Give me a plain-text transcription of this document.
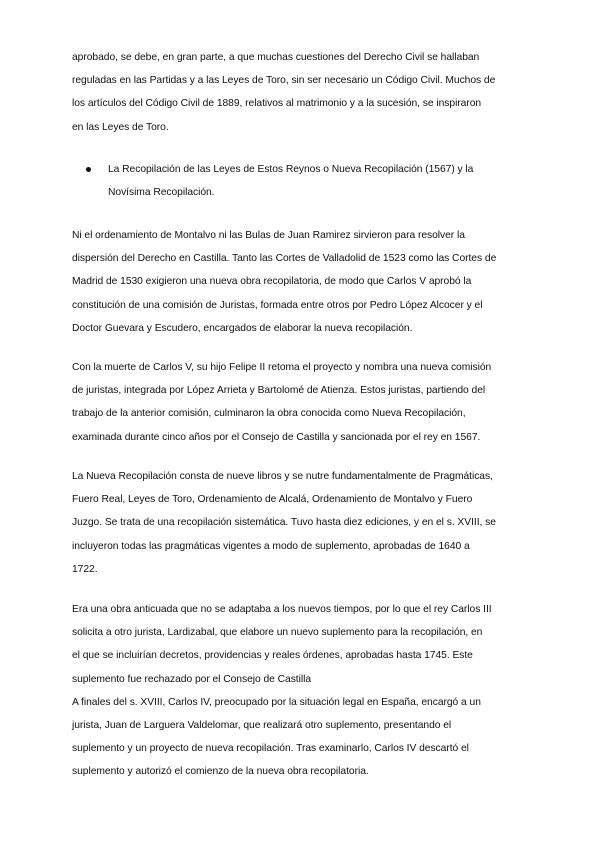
aprobado, se debe, en gran parte, a que muchas cuestiones del Derecho Civil se hallaban
reguladas en las Partidas y a las Leyes de Toro, sin ser necesario un Código Civil. Muchos de
los artículos del Código Civil de 1889, relativos al matrimonio y a la sucesión, se inspiraron
en las Leyes de Toro.
La Recopilación de las Leyes de Estos Reynos o Nueva Recopilación (1567) y la
Novísima Recopilación.
Ni el ordenamiento de Montalvo ni las Bulas de Juan Ramirez sirvieron para resolver la
dispersión del Derecho en Castilla. Tanto las Cortes de Valladolid de 1523 como las Cortes de
Madrid de 1530 exigieron una nueva obra recopilatoria, de modo que Carlos V aprobó la
constitución de una comisión de Juristas, formada entre otros por Pedro López Alcocer y el
Doctor Guevara y Escudero, encargados de elaborar la nueva recopilación.
Con la muerte de Carlos V, su hijo Felipe II retoma el proyecto y nombra una nueva comisión
de juristas, integrada por López Arrieta y Bartolomé de Atienza. Estos juristas, partiendo del
trabajo de la anterior comisión, culminaron la obra conocida como Nueva Recopilación,
examinada durante cinco años por el Consejo de Castilla y sancionada por el rey en 1567.
La Nueva Recopilación consta de nueve libros y se nutre fundamentalmente de Pragmáticas,
Fuero Real, Leyes de Toro, Ordenamiento de Alcalá, Ordenamiento de Montalvo y Fuero
Juzgo. Se trata de una recopilación sistemática. Tuvo hasta diez ediciones, y en el s. XVIII, se
incluyeron todas las pragmáticas vigentes a modo de suplemento, aprobadas de 1640 a
1722.
Era una obra anticuada que no se adaptaba a los nuevos tiempos, por lo que el rey Carlos III
solicita a otro jurista, Lardizabal, que elabore un nuevo suplemento para la recopilación, en
el que se incluirían decretos, providencias y reales órdenes, aprobadas hasta 1745. Este
suplemento fue rechazado por el Consejo de Castilla
A finales del s. XVIII, Carlos IV, preocupado por la situación legal en España, encargó a un
jurista, Juan de Larguera Valdelomar, que realizará otro suplemento, presentando el
suplemento y un proyecto de nueva recopilación. Tras examinarlo, Carlos IV descartó el
suplemento y autorizó el comienzo de la nueva obra recopilatoria.
